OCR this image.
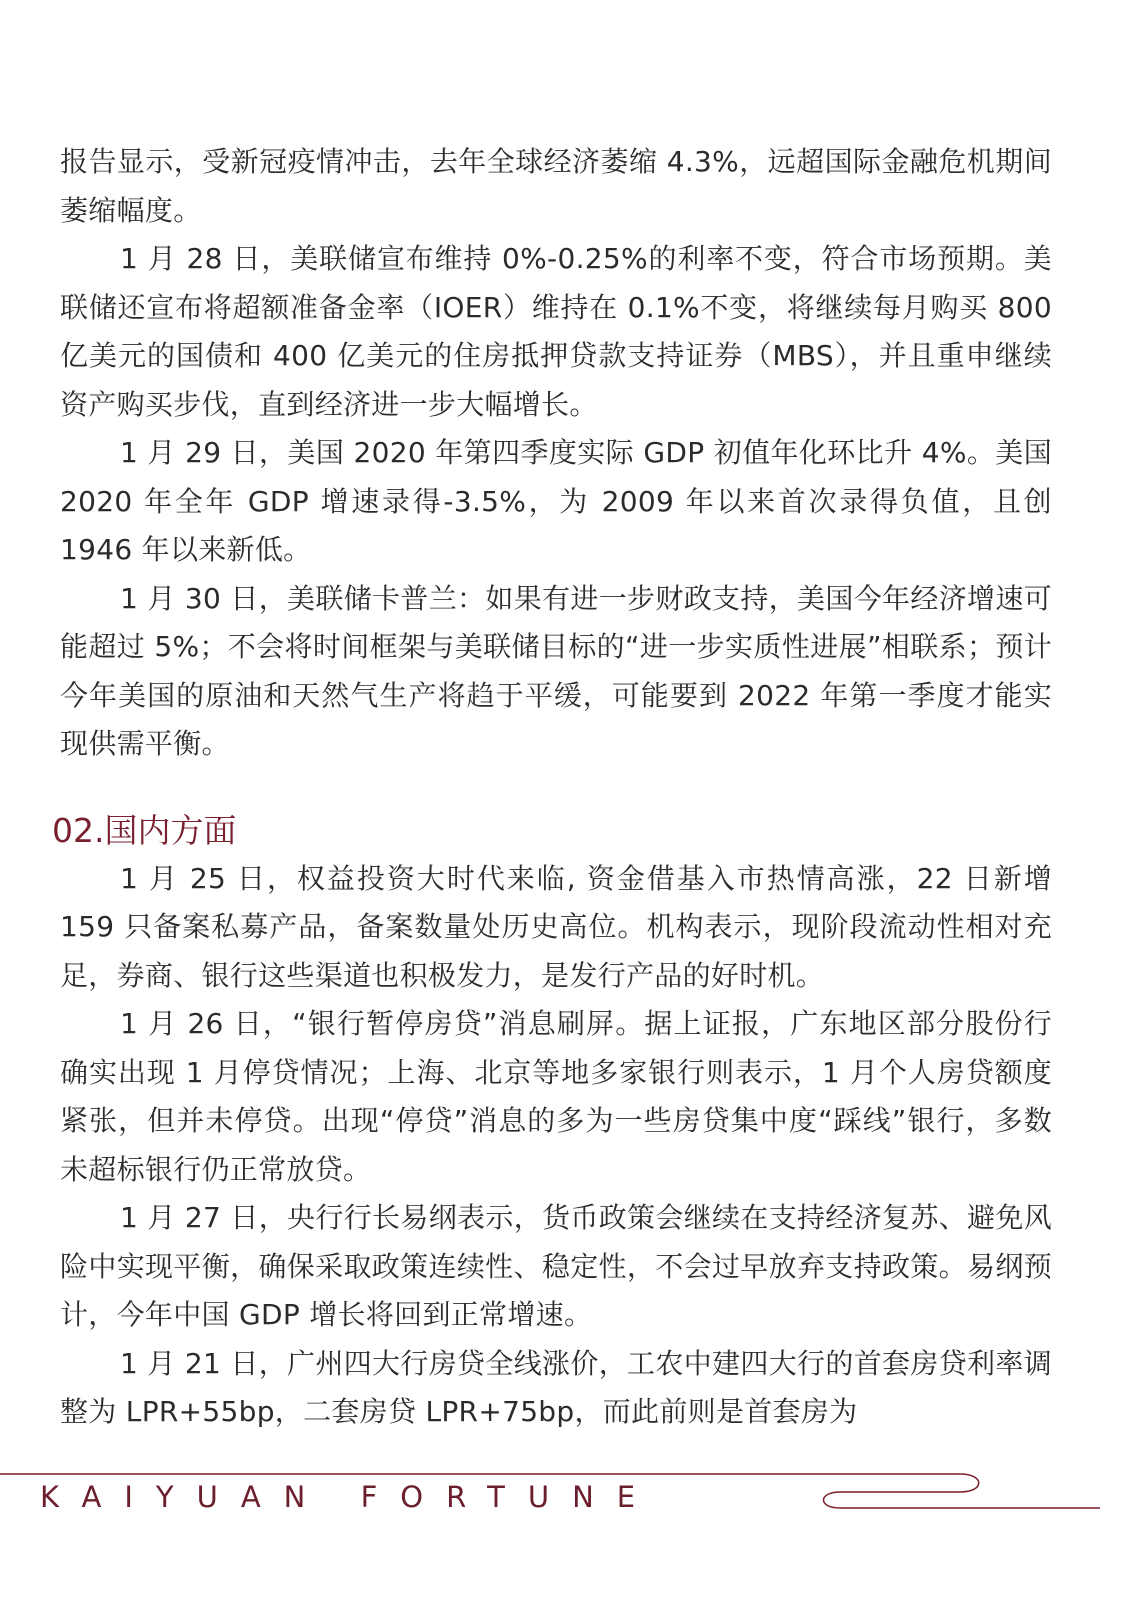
报告显示，受新冠疫情冲击，去年全球经济萎缩 4.3%，远超国际金融危机期间萎缩幅度。

1 月 28 日，美联储宣布维持 0%-0.25%的利率不变，符合市场预期。美联储还宣布将超额准备金率（IOER）维持在 0.1%不变，将继续每月购买 800 亿美元的国债和 400 亿美元的住房抵押贷款支持证券（MBS），并且重申继续资产购买步伐，直到经济进一步大幅增长。

1 月 29 日，美国 2020 年第四季度实际 GDP 初值年化环比升 4%。美国 2020 年全年 GDP 增速录得-3.5%，为 2009 年以来首次录得负值，且创 1946 年以来新低。

1 月 30 日，美联储卡普兰：如果有进一步财政支持，美国今年经济增速可能超过 5%；不会将时间框架与美联储目标的“进一步实质性进展”相联系；预计今年美国的原油和天然气生产将趋于平缓，可能要到 2022 年第一季度才能实现供需平衡。

02.国内方面

1 月 25 日，权益投资大时代来临, 资金借基入市热情高涨，22 日新增 159 只备案私募产品，备案数量处历史高位。机构表示，现阶段流动性相对充足，券商、银行这些渠道也积极发力，是发行产品的好时机。

1 月 26 日，“银行暂停房贷”消息刷屏。据上证报，广东地区部分股份行确实出现 1 月停贷情况；上海、北京等地多家银行则表示，1 月个人房贷额度紧张，但并未停贷。出现“停贷”消息的多为一些房贷集中度“踩线”银行，多数未超标银行仍正常放贷。

1 月 27 日，央行行长易纲表示，货币政策会继续在支持经济复苏、避免风险中实现平衡，确保采取政策连续性、稳定性，不会过早放弃支持政策。易纲预计，今年中国 GDP 增长将回到正常增速。

1 月 21 日，广州四大行房贷全线涨价，工农中建四大行的首套房贷利率调整为 LPR+55bp，二套房贷 LPR+75bp，而此前则是首套房为

KAIYUAN FORTUNE
